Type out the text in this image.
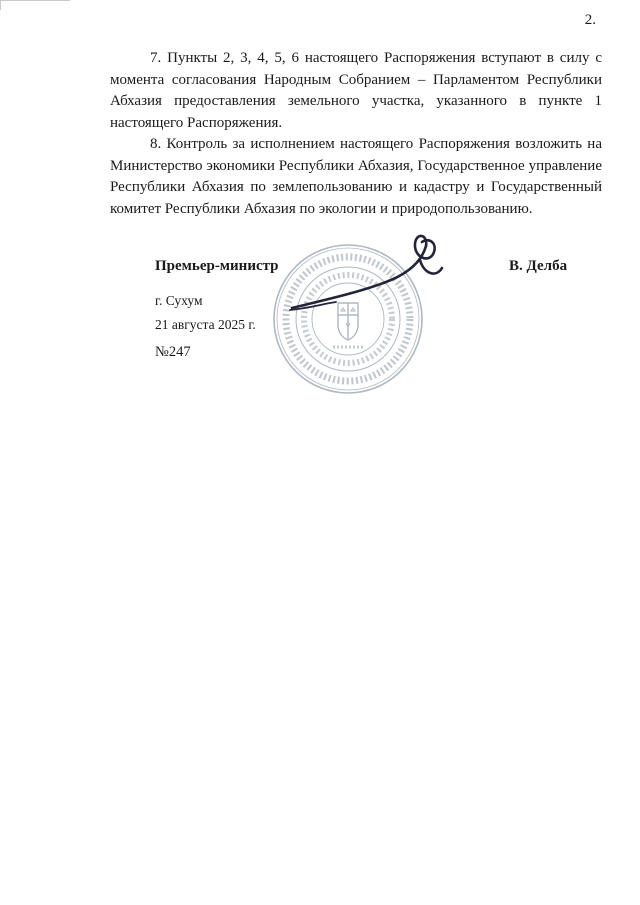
2.

7. Пункты 2, 3, 4, 5, 6 настоящего Распоряжения вступают в силу с момента согласования Народным Собранием – Парламентом Республики Абхазия предоставления земельного участка, указанного в пункте 1 настоящего Распоряжения.

8. Контроль за исполнением настоящего Распоряжения возложить на Министерство экономики Республики Абхазия, Государственное управление Республики Абхазия по землепользованию и кадастру и Государственный комитет Республики Абхазия по экологии и природопользованию.

Премьер-министр	В. Делба
г. Сухум
21 августа 2025 г.
№247
